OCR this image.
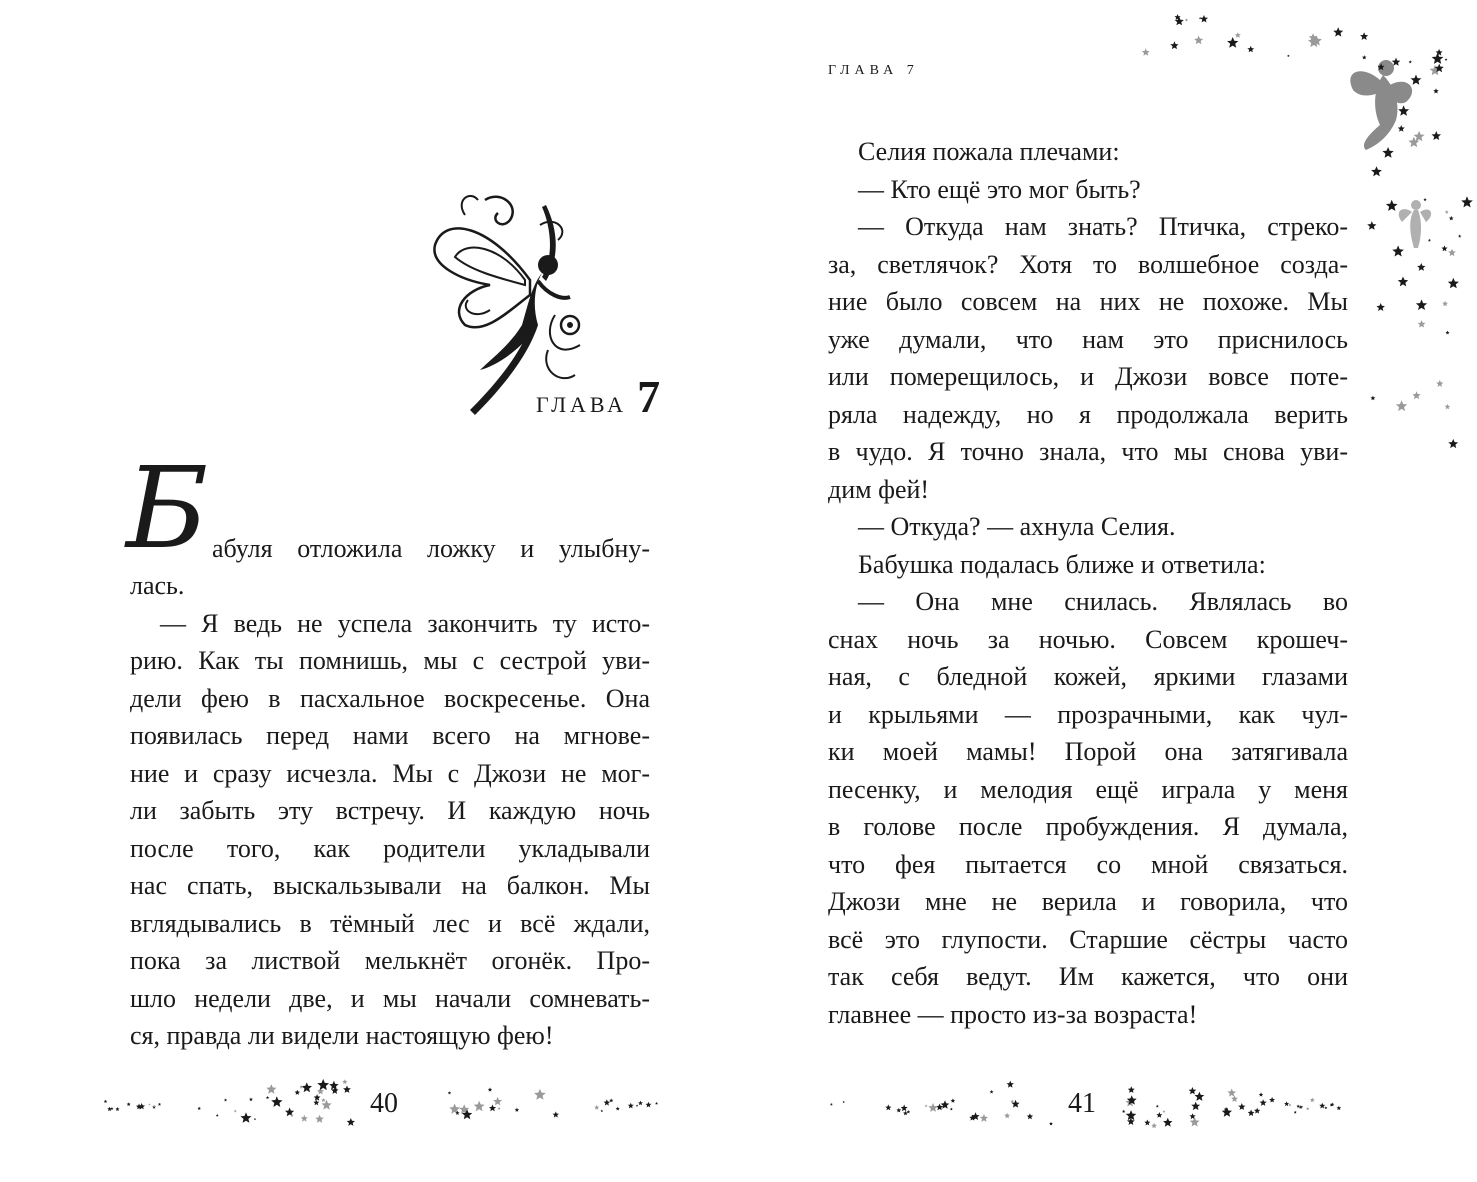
ГЛАВА 7
Б абуля отложила ложку и улыбну-
лась.
— Я ведь не успела закончить ту исто-
рию. Как ты помнишь, мы с сестрой уви-
дели фею в пасхальное воскресенье. Она
появилась перед нами всего на мгнове-
ние и сразу исчезла. Мы с Джози не мог-
ли забыть эту встречу. И каждую ночь
после того, как родители укладывали
нас спать, выскальзывали на балкон. Мы
вглядывались в тёмный лес и всё ждали,
пока за листвой мелькнёт огонёк. Про-
шло недели две, и мы начали сомневать-
ся, правда ли видели настоящую фею!
40
ГЛАВА 7
Селия пожала плечами:
— Кто ещё это мог быть?
— Откуда нам знать? Птичка, стреко-
за, светлячок? Хотя то волшебное созда-
ние было совсем на них не похоже. Мы
уже думали, что нам это приснилось
или померещилось, и Джози вовсе поте-
ряла надежду, но я продолжала верить
в чудо. Я точно знала, что мы снова уви-
дим фей!
— Откуда? — ахнула Селия.
Бабушка подалась ближе и ответила:
— Она мне снилась. Являлась во
снах ночь за ночью. Совсем крошеч-
ная, с бледной кожей, яркими глазами
и крыльями — прозрачными, как чул-
ки моей мамы! Порой она затягивала
песенку, и мелодия ещё играла у меня
в голове после пробуждения. Я думала,
что фея пытается со мной связаться.
Джози мне не верила и говорила, что
всё это глупости. Старшие сёстры часто
так себя ведут. Им кажется, что они
главнее — просто из-за возраста!
41
